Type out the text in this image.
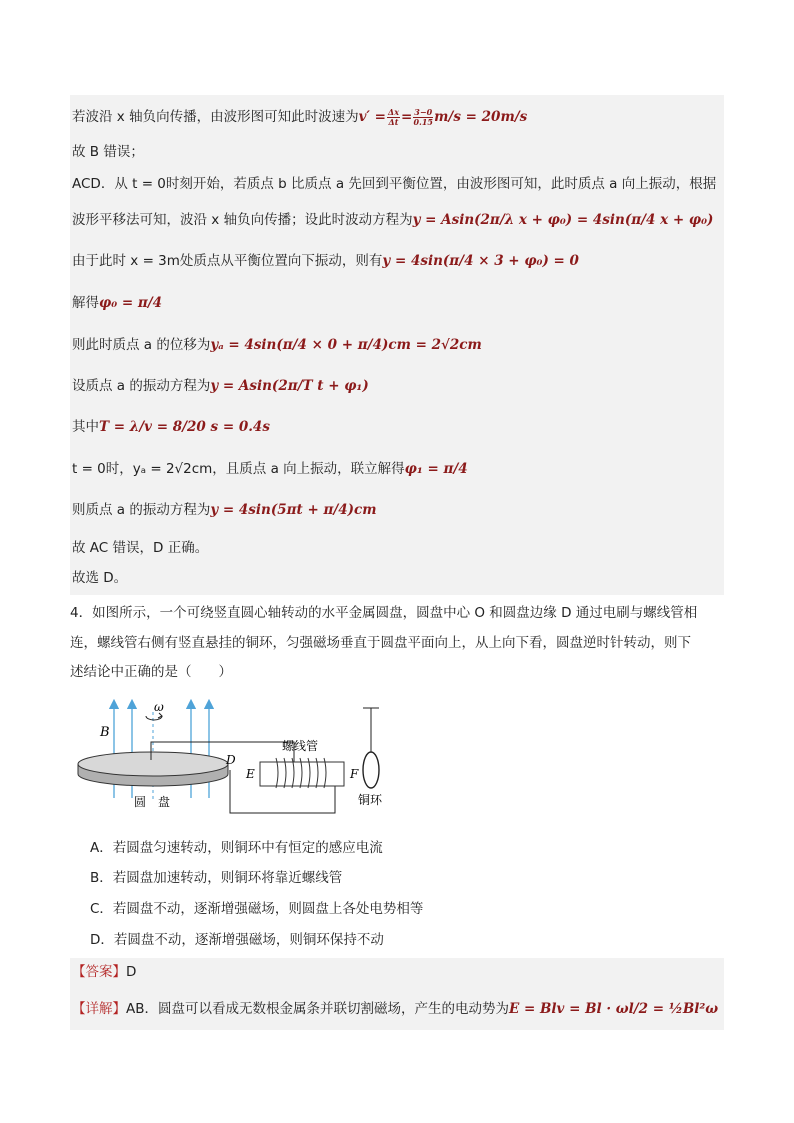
若波沿 x 轴负向传播，由波形图可知此时波速为$v' = \frac{\Delta x}{\Delta t} = \frac{3-0}{0.15} m/s = 20m/s$
故 B 错误；
ACD．从 t = 0时刻开始，若质点 b 比质点 a 先回到平衡位置，由波形图可知，此时质点 a 向上振动，根据
波形平移法可知，波沿 x 轴负向传播；设此时波动方程为y = Asin(2π/λ x + φ₀) = 4sin(π/4 x + φ₀)
由于此时 x = 3m处质点从平衡位置向下振动，则有y = 4sin(π/4 × 3 + φ₀) = 0
解得φ₀ = π/4
则此时质点 a 的位移为yₐ = 4sin(π/4 × 0 + π/4)cm = 2√2cm
设质点 a 的振动方程为y = Asin(2π/T t + φ₁)
其中T = λ/v = 8/20 s = 0.4s
t = 0时，yₐ = 2√2cm，且质点 a 向上振动，联立解得φ₁ = π/4
则质点 a 的振动方程为y = 4sin(5πt + π/4)cm
故 AC 错误，D 正确。
故选 D。
4．如图所示，一个可绕竖直圆心轴转动的水平金属圆盘，圆盘中心 O 和圆盘边缘 D 通过电刷与螺线管相
连，螺线管右侧有竖直悬挂的铜环，匀强磁场垂直于圆盘平面向上，从上向下看，圆盘逆时针转动，则下
述结论中正确的是（　　）
ω
B
D
E	F
螺线管
铜环
圆　盘
A．若圆盘匀速转动，则铜环中有恒定的感应电流
B．若圆盘加速转动，则铜环将靠近螺线管
C．若圆盘不动，逐渐增强磁场，则圆盘上各处电势相等
D．若圆盘不动，逐渐增强磁场，则铜环保持不动
【答案】D
【详解】AB．圆盘可以看成无数根金属条并联切割磁场，产生的电动势为E = Blv = Bl · ωl/2 = ½Bl²ω
